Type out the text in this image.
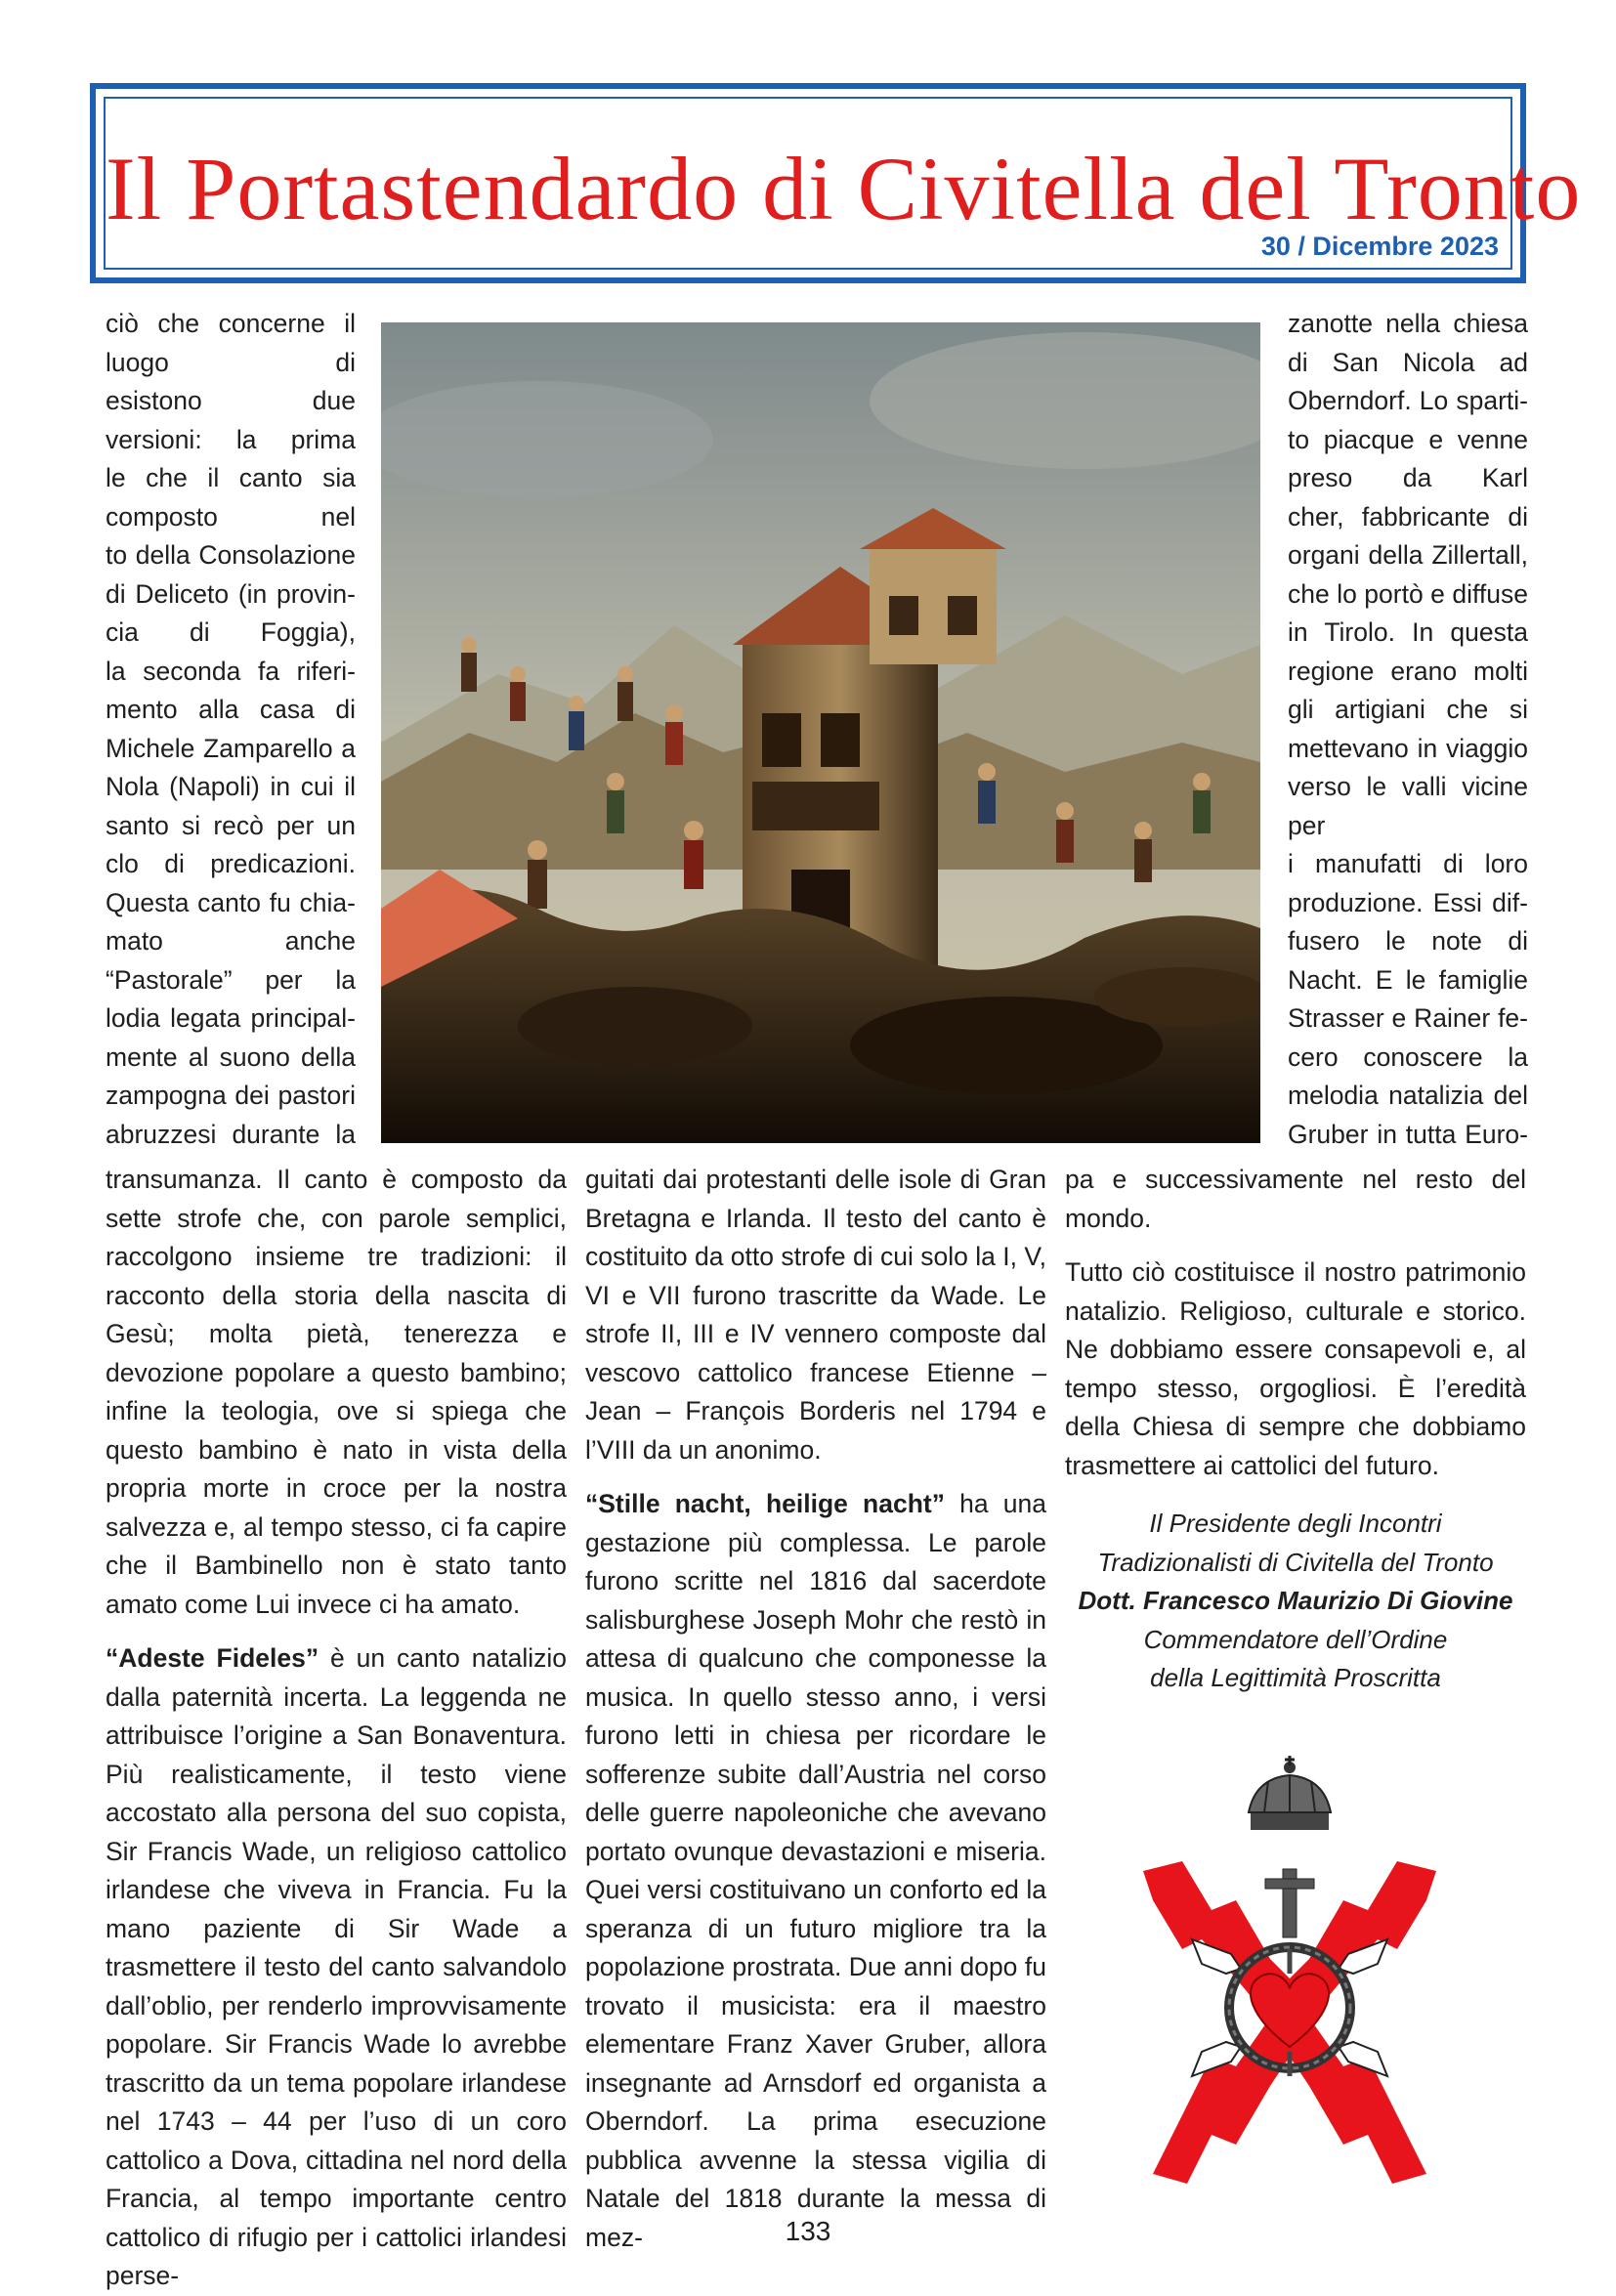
Il Portastendardo di Civitella del Tronto
30 / Dicembre 2023
ciò che concerne il
luogo di
esistono due
versioni: la prima
le che il canto sia
composto nel
to della Consolazione
di Deliceto (in provin-
cia di Foggia),
la seconda fa riferi-
mento alla casa di
Michele Zamparello a
Nola (Napoli) in cui il
santo si recò per un
clo di predicazioni.
Questa canto fu chia-
mato anche
“Pastorale” per la
lodia legata principal-
mente al suono della
zampogna dei pastori
abruzzesi durante la
zanotte nella chiesa
di San Nicola ad
Oberndorf. Lo sparti-
to piacque e venne
preso da Karl
cher, fabbricante di
organi della Zillertall,
che lo portò e diffuse
in Tirolo. In questa
regione erano molti
gli artigiani che si
mettevano in viaggio
verso le valli vicine
per
i manufatti di loro
produzione. Essi dif-
fusero le note di
Nacht. E le famiglie
Strasser e Rainer fe-
cero conoscere la
melodia natalizia del
Gruber in tutta Euro-

transumanza. Il canto è composto da sette strofe che, con parole semplici, raccolgono insieme tre tradizioni: il racconto della storia della nascita di Gesù; molta pietà, tenerezza e devozione popolare a questo bambino; infine la teologia, ove si spiega che questo bambino è nato in vista della propria morte in croce per la nostra salvezza e, al tempo stesso, ci fa capire che il Bambinello non è stato tanto amato come Lui invece ci ha amato.

“Adeste Fideles” è un canto natalizio dalla paternità incerta. La leggenda ne attribuisce l’origine a San Bonaventura. Più realisticamente, il testo viene accostato alla persona del suo copista, Sir Francis Wade, un religioso cattolico irlandese che viveva in Francia. Fu la mano paziente di Sir Wade a trasmettere il testo del canto salvandolo dall’oblio, per renderlo improvvisamente popolare. Sir Francis Wade lo avrebbe trascritto da un tema popolare irlandese nel 1743 – 44 per l’uso di un coro cattolico a Dova, cittadina nel nord della Francia, al tempo importante centro cattolico di rifugio per i cattolici irlandesi perse-

guitati dai protestanti delle isole di Gran Bretagna e Irlanda. Il testo del canto è costituito da otto strofe di cui solo la I, V, VI e VII furono trascritte da Wade. Le strofe II, III e IV vennero composte dal vescovo cattolico francese Etienne – Jean – François Borderis nel 1794 e l’VIII da un anonimo.

“Stille nacht, heilige nacht” ha una gestazione più complessa. Le parole furono scritte nel 1816 dal sacerdote salisburghese Joseph Mohr che restò in attesa di qualcuno che componesse la musica. In quello stesso anno, i versi furono letti in chiesa per ricordare le sofferenze subite dall’Austria nel corso delle guerre napoleoniche che avevano portato ovunque devastazioni e miseria. Quei versi costituivano un conforto ed la speranza di un futuro migliore tra la popolazione prostrata. Due anni dopo fu trovato il musicista: era il maestro elementare Franz Xaver Gruber, allora insegnante ad Arnsdorf ed organista a Oberndorf. La prima esecuzione pubblica avvenne la stessa vigilia di Natale del 1818 durante la messa di mez-

pa e successivamente nel resto del mondo.

Tutto ciò costituisce il nostro patrimonio natalizio. Religioso, culturale e storico. Ne dobbiamo essere consapevoli e, al tempo stesso, orgogliosi. È l’eredità della Chiesa di sempre che dobbiamo trasmettere ai cattolici del futuro.

Il Presidente degli Incontri
Tradizionalisti di Civitella del Tronto
Dott. Francesco Maurizio Di Giovine
Commendatore dell’Ordine
della Legittimità Proscritta
133
